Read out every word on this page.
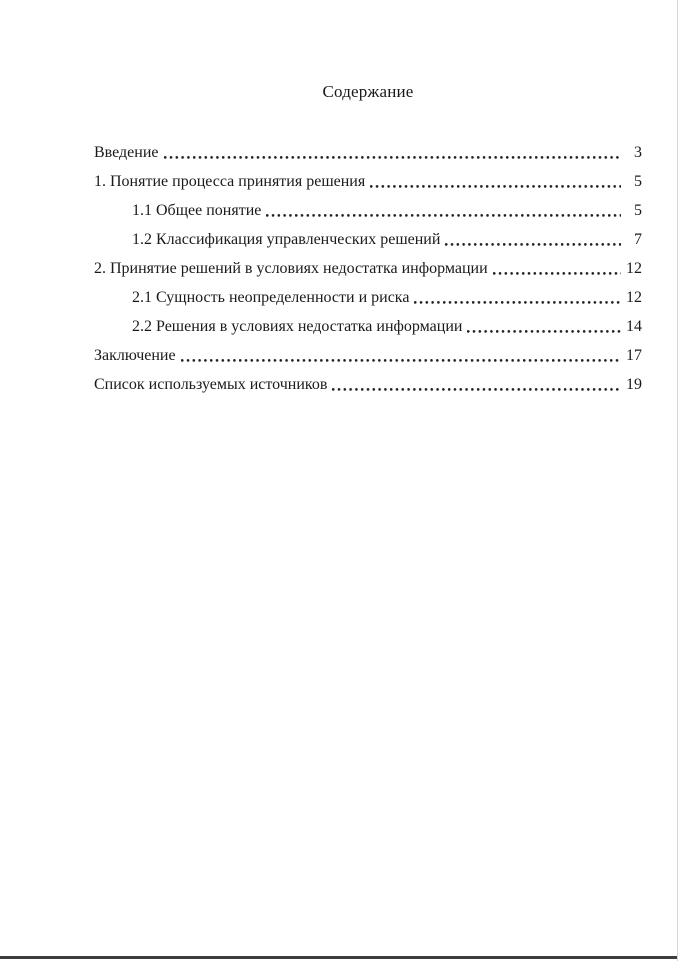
Содержание
Введение	3
1. Понятие процесса принятия решения	5
1.1 Общее понятие	5
1.2 Классификация управленческих решений	7
2. Принятие решений в условиях недостатка информации	12
2.1 Сущность неопределенности и риска	12
2.2 Решения в условиях недостатка информации	14
Заключение	17
Список используемых источников	19
